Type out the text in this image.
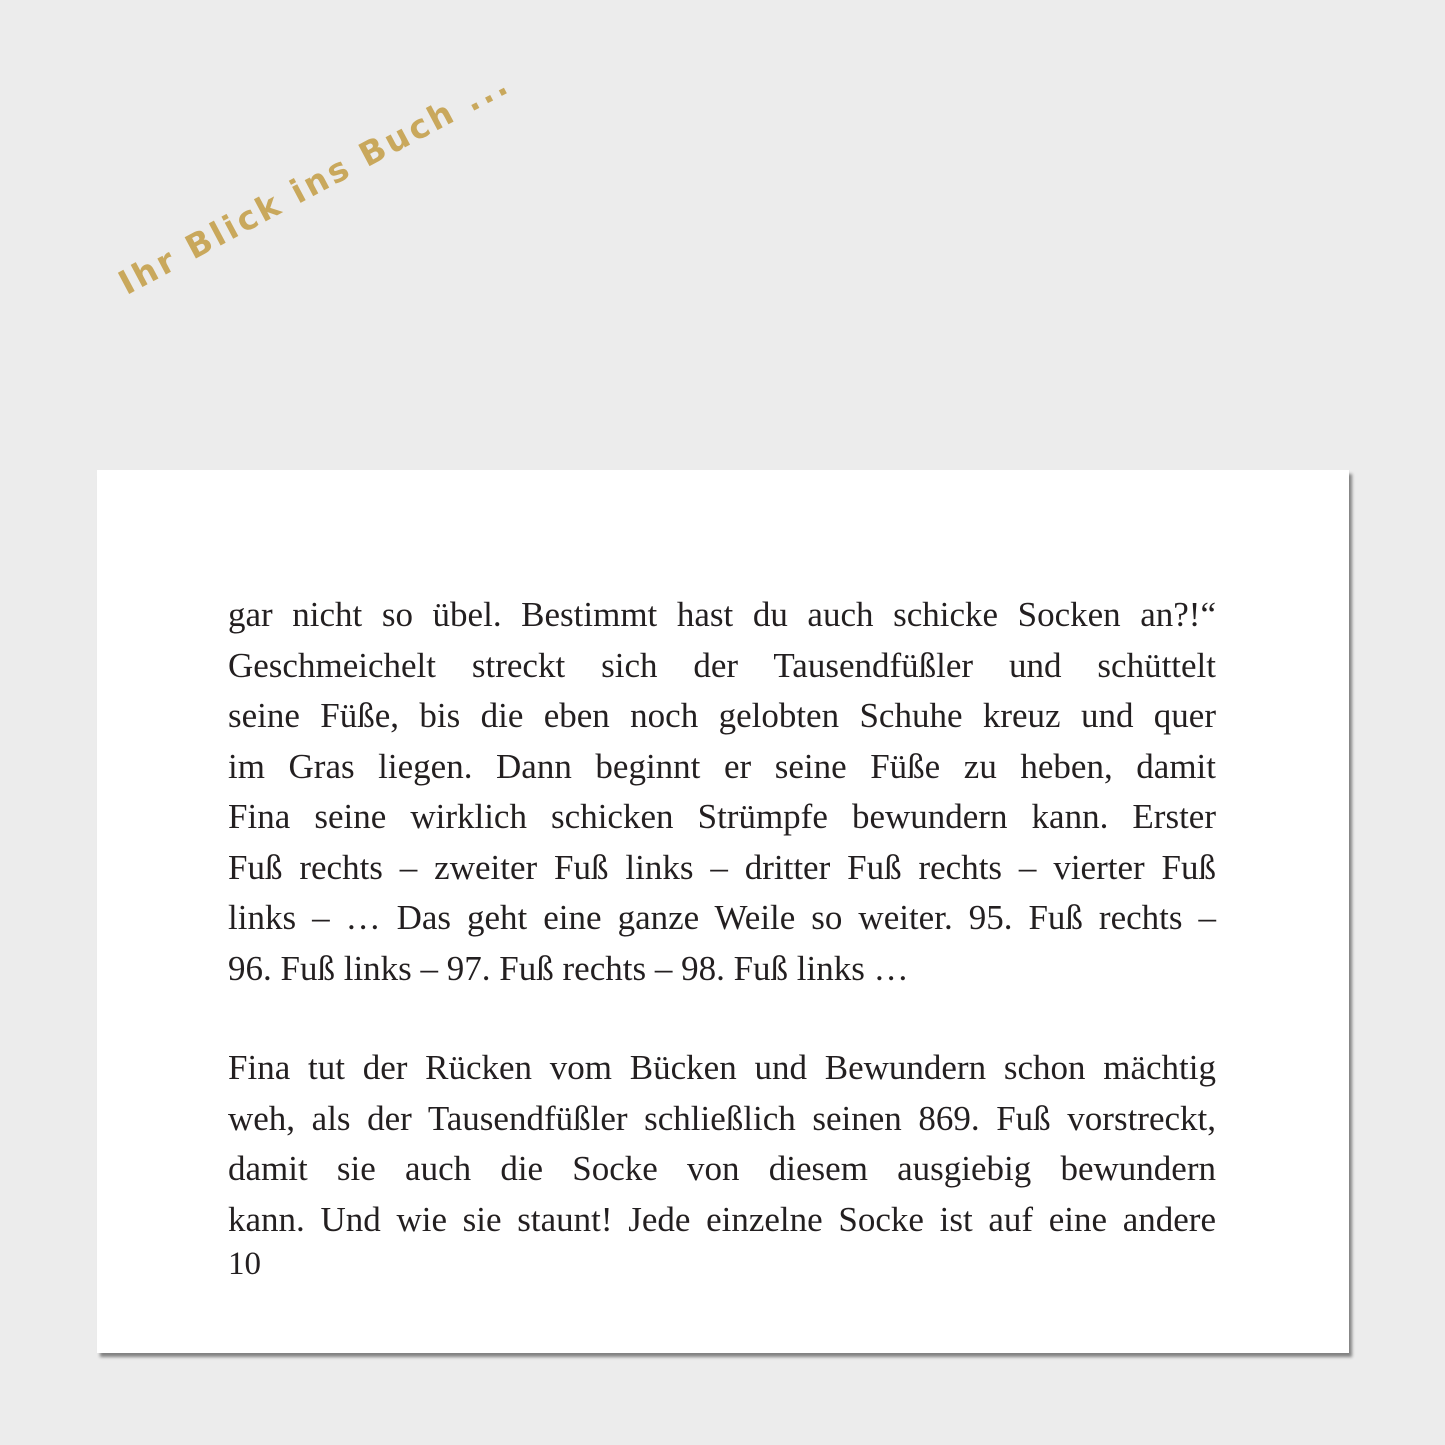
Ihr Blick ins Buch ...

gar nicht so übel. Bestimmt hast du auch schicke Socken an?!“

Geschmeichelt streckt sich der Tausendfüßler und schüttelt

seine Füße, bis die eben noch gelobten Schuhe kreuz und quer

im Gras liegen. Dann beginnt er seine Füße zu heben, damit

Fina seine wirklich schicken Strümpfe bewundern kann. Erster

Fuß rechts – zweiter Fuß links – dritter Fuß rechts – vierter Fuß

links – … Das geht eine ganze Weile so weiter. 95. Fuß rechts –

96. Fuß links – 97. Fuß rechts – 98. Fuß links …

Fina tut der Rücken vom Bücken und Bewundern schon mächtig

weh, als der Tausendfüßler schließlich seinen 869. Fuß vorstreckt,

damit sie auch die Socke von diesem ausgiebig bewundern

kann. Und wie sie staunt! Jede einzelne Socke ist auf eine andere

10
